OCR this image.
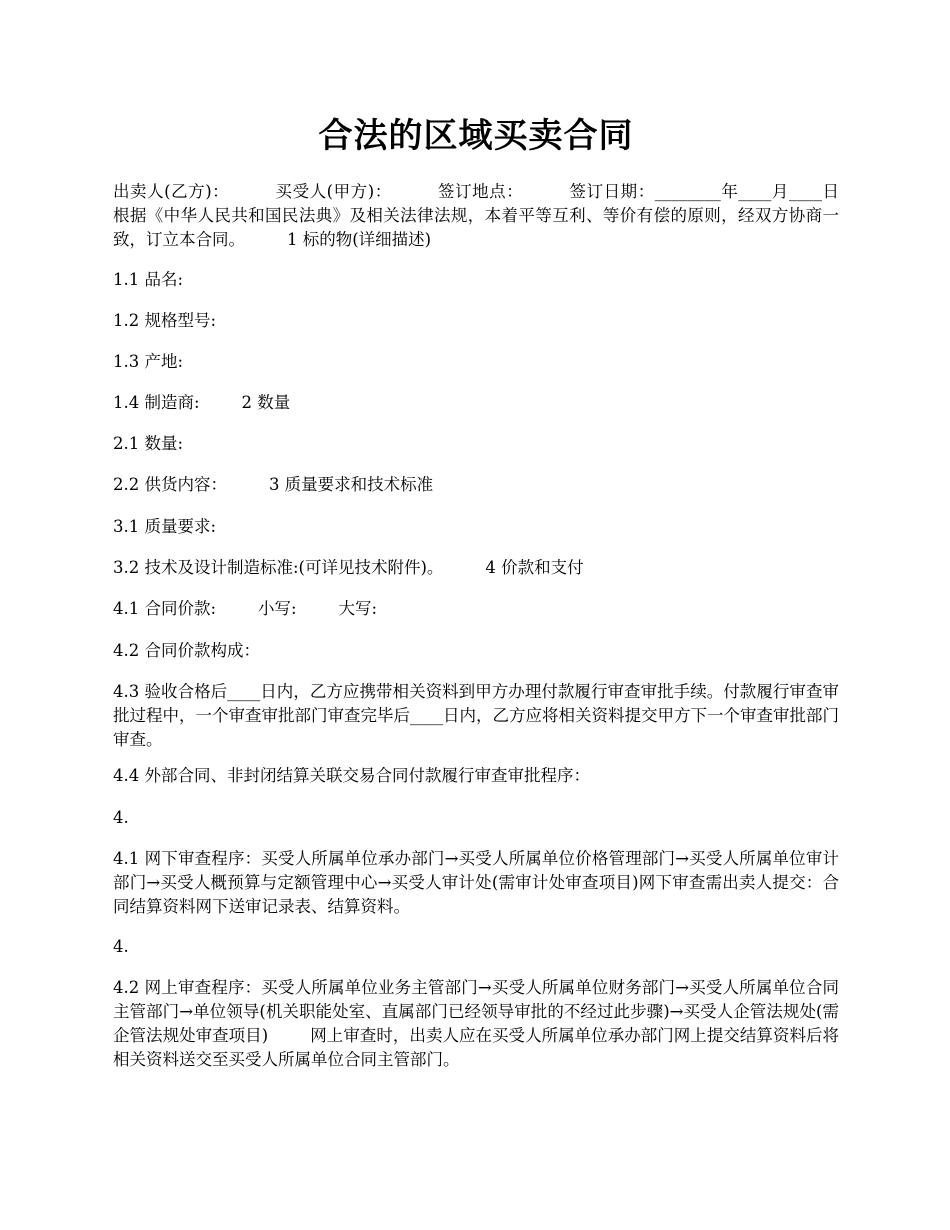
合法的区域买卖合同

出卖人(乙方)：        买受人(甲方)：        签订地点：        签订日期：________年____月____日        根据《中华人民共和国民法典》及相关法律法规，本着平等互利、等价有偿的原则，经双方协商一致，订立本合同。        1 标的物(详细描述)

1.1 品名:

1.2 规格型号:

1.3 产地:

1.4 制造商:        2 数量

2.1 数量:

2.2 供货内容：        3 质量要求和技术标准

3.1 质量要求:

3.2 技术及设计制造标准:(可详见技术附件)。        4 价款和支付

4.1 合同价款:        小写:        大写:

4.2 合同价款构成：

4.3 验收合格后____日内，乙方应携带相关资料到甲方办理付款履行审查审批手续。付款履行审查审批过程中，一个审查审批部门审查完毕后____日内，乙方应将相关资料提交甲方下一个审查审批部门审查。

4.4 外部合同、非封闭结算关联交易合同付款履行审查审批程序：

4.

4.1 网下审查程序：买受人所属单位承办部门→买受人所属单位价格管理部门→买受人所属单位审计部门→买受人概预算与定额管理中心→买受人审计处(需审计处审查项目)网下审查需出卖人提交：合同结算资料网下送审记录表、结算资料。

4.

4.2 网上审查程序：买受人所属单位业务主管部门→买受人所属单位财务部门→买受人所属单位合同主管部门→单位领导(机关职能处室、直属部门已经领导审批的不经过此步骤)→买受人企管法规处(需企管法规处审查项目)        网上审查时，出卖人应在买受人所属单位承办部门网上提交结算资料后将相关资料送交至买受人所属单位合同主管部门。
